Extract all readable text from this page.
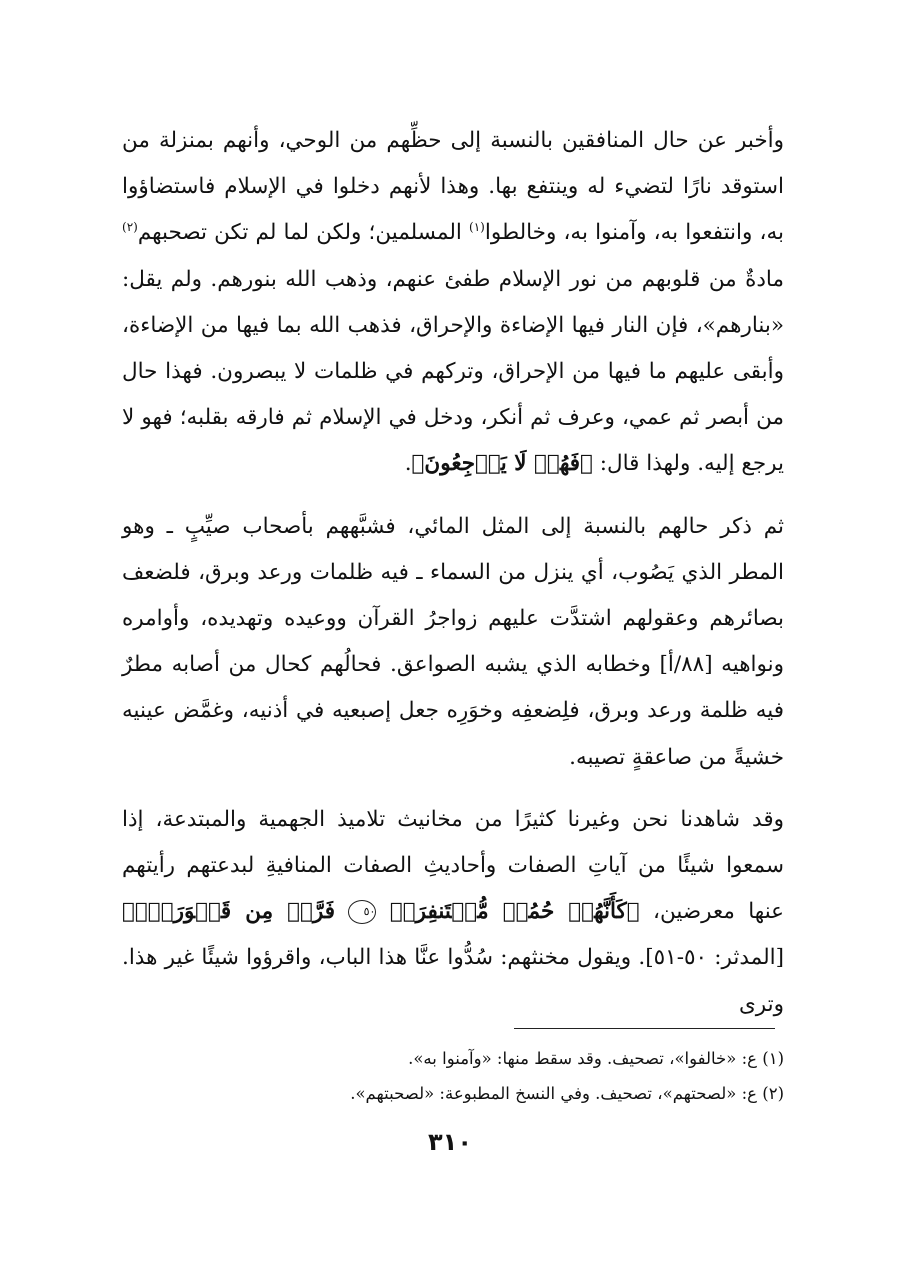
وأخبر عن حال المنافقين بالنسبة إلى حظِّهم من الوحي، وأنهم بمنزلة من استوقد نارًا لتضيء له وينتفع بها. وهذا لأنهم دخلوا في الإسلام فاستضاؤوا به، وانتفعوا به، وآمنوا به، وخالطوا$^{(١)}$ المسلمين؛ ولكن لما لم تكن تصحبهم$^{(٢)}$ مادةٌ من قلوبهم من نور الإسلام طفئ عنهم، وذهب الله بنورهم. ولم يقل: «بنارهم»، فإن النار فيها الإضاءة والإحراق، فذهب الله بما فيها من الإضاءة، وأبقى عليهم ما فيها من الإحراق، وتركهم في ظلمات لا يبصرون. فهذا حال من أبصر ثم عمي، وعرف ثم أنكر، ودخل في الإسلام ثم فارقه بقلبه؛ فهو لا يرجع إليه. ولهذا قال: ﴿فَهُمۡ لَا يَرۡجِعُونَ﴾.

ثم ذكر حالهم بالنسبة إلى المثل المائي، فشبَّههم بأصحاب صيِّبٍ ـ وهو المطر الذي يَصُوب، أي ينزل من السماء ـ فيه ظلمات ورعد وبرق، فلضعف بصائرهم وعقولهم اشتدَّت عليهم زواجرُ القرآن ووعيده وتهديده، وأوامره ونواهيه [٨٨/أ] وخطابه الذي يشبه الصواعق. فحالُهم كحال من أصابه مطرٌ فيه ظلمة ورعد وبرق، فلِضعفِه وخوَرِه جعل إصبعيه في أذنيه، وغمَّض عينيه خشيةً من صاعقةٍ تصيبه.

وقد شاهدنا نحن وغيرنا كثيرًا من مخانيث تلاميذ الجهمية والمبتدعة، إذا سمعوا شيئًا من آياتِ الصفات وأحاديثِ الصفات المنافيةِ لبدعتهم رأيتهم عنها معرضين، ﴿كَأَنَّهُمۡ حُمُرٞ مُّسۡتَنفِرَةٞ ٥٠ فَرَّتۡ مِن قَسۡوَرَةِۭ﴾ [المدثر: ٥٠-٥١]. ويقول مخنثهم: سُدُّوا عنَّا هذا الباب، واقرؤوا شيئًا غير هذا. وترى

(١) ع: «خالفوا»، تصحيف. وقد سقط منها: «وآمنوا به».

(٢) ع: «لصحتهم»، تصحيف. وفي النسخ المطبوعة: «لصحبتهم».

٣١٠
